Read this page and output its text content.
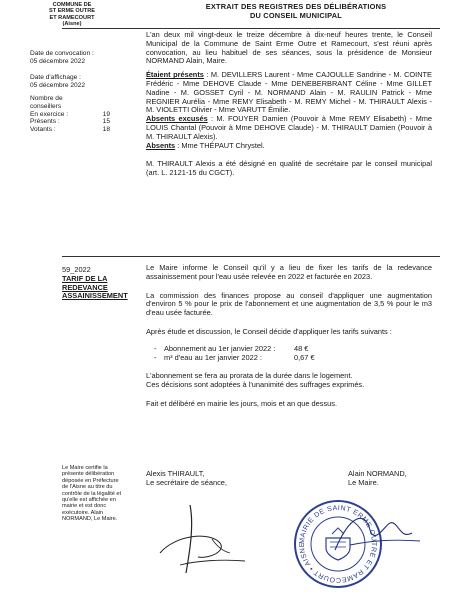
COMMUNE DE
ST ERME OUTRE
ET RAMECOURT
(Aisne)
EXTRAIT DES REGISTRES DES DÉLIBÉRATIONS
DU CONSEIL MUNICIPAL
Date de convocation :
05 décembre 2022
Date d'affichage :
05 décembre 2022
Nombre de
conseillers
En exercice :	19
Présents :	15
Votants :	18

L'an deux mil vingt-deux le treize décembre à dix-neuf heures trente, le Conseil Municipal de la Commune de Saint Erme Outre et Ramecourt, s'est réuni après convocation, au lieu habituel de ses séances, sous la présidence de Monsieur NORMAND Alain, Maire.

Étaient présents : M. DEVILLERS Laurent - Mme CAJOULLE Sandrine - M. COINTE Frédéric - Mme DEHOVE Claude - Mme DENEBERBRANT Céline - Mme GILLET Nadine - M. GOSSET Cyril - M. NORMAND Alain - M. RAULIN Patrick - Mme REGNIER Aurélia - Mme REMY Elisabeth - M. REMY Michel - M. THIRAULT Alexis - M. VIOLETTI Olivier - Mme VARUTT Émilie.

Absents excusés : M. FOUYER Damien (Pouvoir à Mme REMY Elisabeth) - Mme LOUIS Chantal (Pouvoir à Mme DEHOVE Claude) - M. THIRAULT Damien (Pouvoir à M. THIRAULT Alexis).

Absents : Mme THÉPAUT Chrystel.

M. THIRAULT Alexis a été désigné en qualité de secrétaire par le conseil municipal (art. L. 2121-15 du CGCT).

59_2022
TARIF DE LA
REDEVANCE
ASSAINISSEMENT

Le Maire informe le Conseil qu'il y a lieu de fixer les tarifs de la redevance assainissement pour l'eau usée relevée en 2022 et facturée en 2023.

La commission des finances propose au conseil d'appliquer une augmentation d'environ 5 % pour le prix de l'abonnement et une augmentation de 3,5 % pour le m3 d'eau usée facturée.

Après étude et discussion, le Conseil décide d'appliquer les tarifs suivants :

-	Abonnement au 1er janvier 2022 :	48 €
-	m³ d'eau au 1er janvier 2022 :	0,67 €
L'abonnement se fera au prorata de la durée dans le logement.
Ces décisions sont adoptées à l'unanimité des suffrages exprimés.
Fait et délibéré en mairie les jours, mois et an que dessus.
Le Maire certifie la présente délibération déposée en Préfecture de l'Aisne au titre du contrôle de la légalité et qu'elle est affichée en mairie et est donc exécutoire. Alain NORMAND, Le Maire.
Alexis THIRAULT,
Le secrétaire de séance,
Alain NORMAND,
Le Maire.
MAIRIE DE SAINT ERME OUTRE ET RAMECOURT • AISNE
